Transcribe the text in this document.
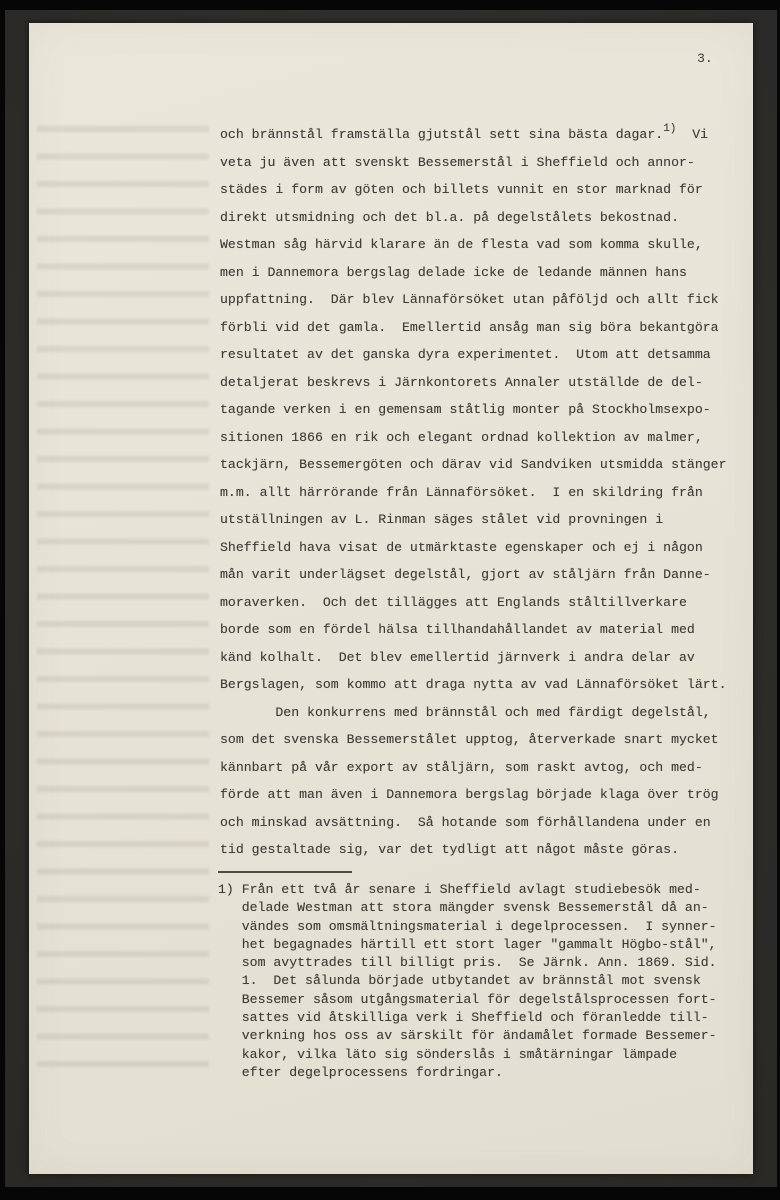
3.
och brännstål framställa gjutstål sett sina bästa dagar.$^{1)}$  Vi
veta ju även att svenskt Bessemerstål i Sheffield och annor-
städes i form av göten och billets vunnit en stor marknad för
direkt utsmidning och det bl.a. på degelstålets bekostnad.
Westman såg härvid klarare än de flesta vad som komma skulle,
men i Dannemora bergslag delade icke de ledande männen hans
uppfattning.  Där blev Lännaförsöket utan påföljd och allt fick
förbli vid det gamla.  Emellertid ansåg man sig böra bekantgöra
resultatet av det ganska dyra experimentet.  Utom att detsamma
detaljerat beskrevs i Järnkontorets Annaler utställde de del-
tagande verken i en gemensam ståtlig monter på Stockholmsexpo-
sitionen 1866 en rik och elegant ordnad kollektion av malmer,
tackjärn, Bessemergöten och därav vid Sandviken utsmidda stänger
m.m. allt härrörande från Lännaförsöket.  I en skildring från
utställningen av L. Rinman säges stålet vid provningen i
Sheffield hava visat de utmärktaste egenskaper och ej i någon
mån varit underlägset degelstål, gjort av ståljärn från Danne-
moraverken.  Och det tillägges att Englands ståltillverkare
borde som en fördel hälsa tillhandahållandet av material med
känd kolhalt.  Det blev emellertid järnverk i andra delar av
Bergslagen, som kommo att draga nytta av vad Lännaförsöket lärt.
Den konkurrens med brännstål och med färdigt degelstål,
som det svenska Bessemerstålet upptog, återverkade snart mycket
kännbart på vår export av ståljärn, som raskt avtog, och med-
förde att man även i Dannemora bergslag började klaga över trög
och minskad avsättning.  Så hotande som förhållandena under en
tid gestaltade sig, var det tydligt att något måste göras.
1) Från ett två år senare i Sheffield avlagt studiebesök med-
delade Westman att stora mängder svensk Bessemerstål då an-
vändes som omsmältningsmaterial i degelprocessen.  I synner-
het begagnades härtill ett stort lager "gammalt Högbo-stål",
som avyttrades till billigt pris.  Se Järnk. Ann. 1869. Sid.
1.  Det sålunda började utbytandet av brännstål mot svensk
Bessemer såsom utgångsmaterial för degelstålsprocessen fort-
sattes vid åtskilliga verk i Sheffield och föranledde till-
verkning hos oss av särskilt för ändamålet formade Bessemer-
kakor, vilka läto sig sönderslås i småtärningar lämpade
efter degelprocessens fordringar.
